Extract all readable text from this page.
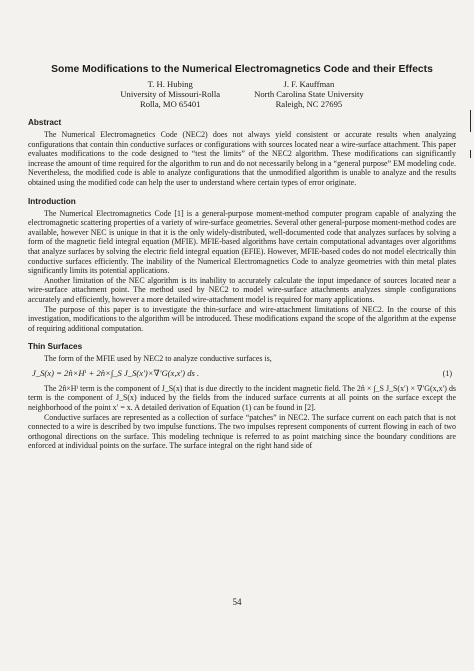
Some Modifications to the Numerical Electromagnetics Code and their Effects
T. H. Hubing
University of Missouri-Rolla
Rolla, MO 65401
J. F. Kauffman
North Carolina State University
Raleigh, NC 27695
Abstract

The Numerical Electromagnetics Code (NEC2) does not always yield consistent or accurate results when analyzing configurations that contain thin conductive surfaces or configurations with sources located near a wire-surface attachment. This paper evaluates modifications to the code designed to “test the limits” of the NEC2 algorithm. These modifications can significantly increase the amount of time required for the algorithm to run and do not necessarily belong in a “general purpose” EM modeling code. Nevertheless, the modified code is able to analyze configurations that the unmodified algorithm is unable to analyze and the results obtained using the modified code can help the user to understand where certain types of error originate.

Introduction

The Numerical Electromagnetics Code [1] is a general-purpose moment-method computer program capable of analyzing the electromagnetic scattering properties of a variety of wire-surface geometries. Several other general-purpose moment-method codes are available, however NEC is unique in that it is the only widely-distributed, well-documented code that analyzes surfaces by solving a form of the magnetic field integral equation (MFIE). MFIE-based algorithms have certain computational advantages over algorithms that analyze surfaces by solving the electric field integral equation (EFIE). However, MFIE-based codes do not model electrically thin conductive surfaces efficiently. The inability of the Numerical Electromagnetics Code to analyze geometries with thin metal plates significantly limits its potential applications.

Another limitation of the NEC algorithm is its inability to accurately calculate the input impedance of sources located near a wire-surface attachment point. The method used by NEC2 to model wire-surface attachments analyzes simple configurations accurately and efficiently, however a more detailed wire-attachment model is required for many applications.

The purpose of this paper is to investigate the thin-surface and wire-attachment limitations of NEC2. In the course of this investigation, modifications to the algorithm will be introduced. These modifications expand the scope of the algorithm at the expense of requiring additional computation.

Thin Surfaces

The form of the MFIE used by NEC2 to analyze conductive surfaces is,

J_S(x) = 2n̂×Hⁱ + 2n̂×∫_S J_S(x′)×∇′G(x,x′) ds .	(1)

The 2n̂×Hⁱ term is the component of J_S(x) that is due directly to the incident magnetic field. The 2n̂ × ∫_S J_S(x′) × ∇′G(x,x′) ds term is the component of J_S(x) induced by the fields from the induced surface currents at all points on the surface except the neighborhood of the point x′ = x. A detailed derivation of Equation (1) can be found in [2].

Conductive surfaces are represented as a collection of surface “patches” in NEC2. The surface current on each patch that is not connected to a wire is described by two impulse functions. The two impulses represent components of current flowing in each of two orthogonal directions on the surface. This modeling technique is referred to as point matching since the boundary conditions are enforced at individual points on the surface. The surface integral on the right hand side of

54
